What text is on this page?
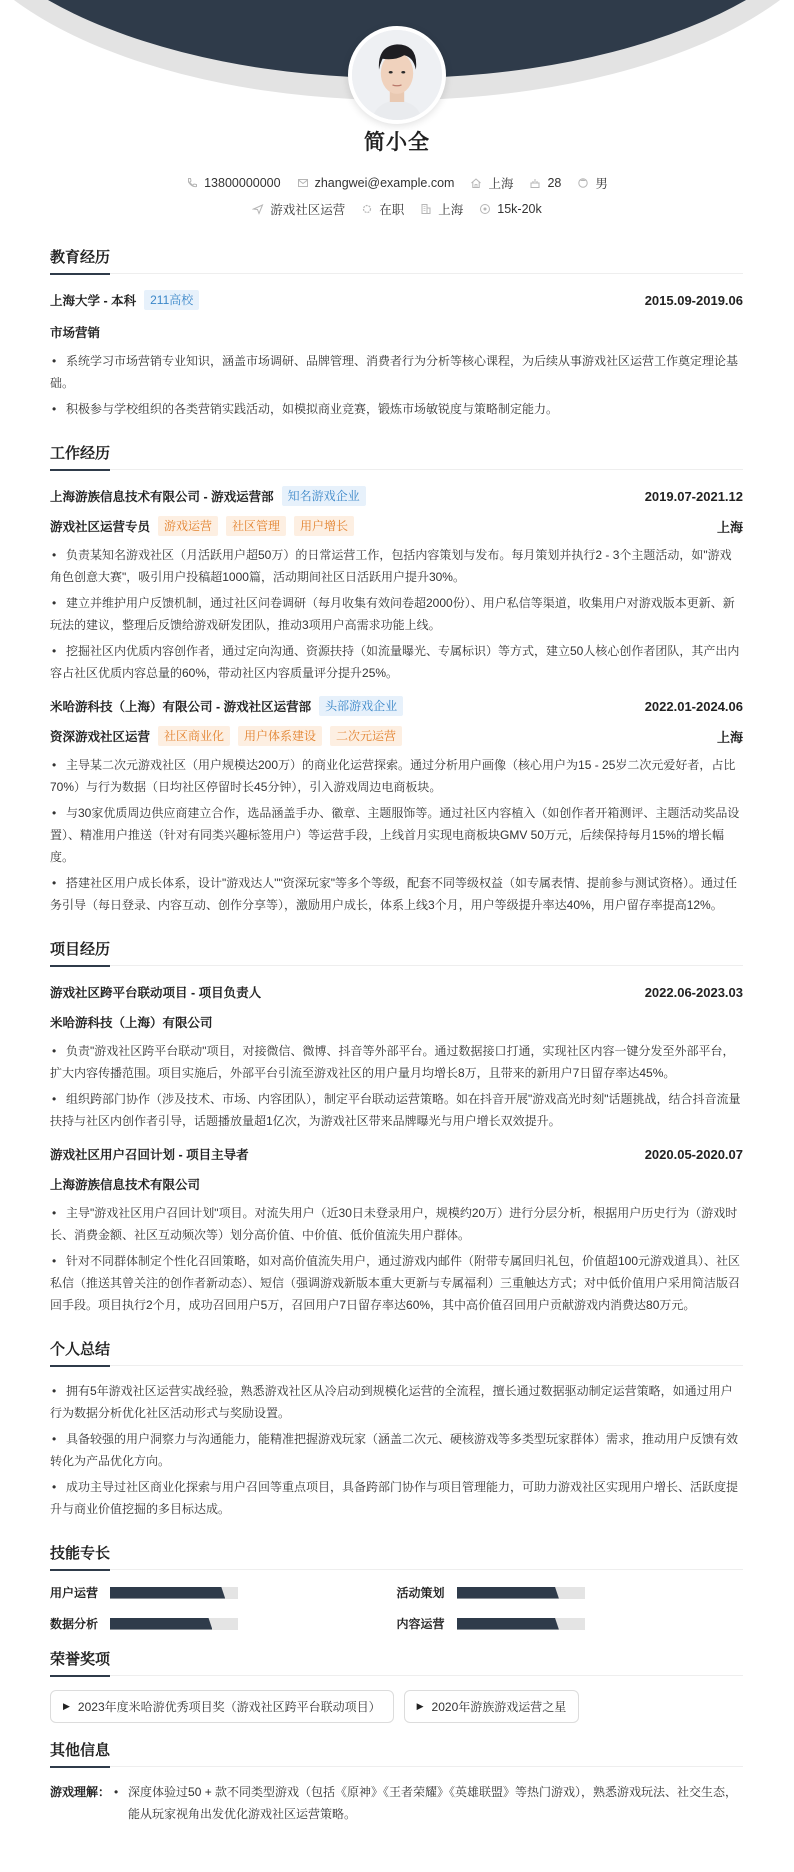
简小全
13800000000	zhangwei@example.com	上海	28	男
游戏社区运营	在职	上海	15k-20k
教育经历
上海大学 - 本科	211高校	2015.09-2019.06
市场营销
• 系统学习市场营销专业知识，涵盖市场调研、品牌管理、消费者行为分析等核心课程，为后续从事游戏社区运营工作奠定理论基础。
• 积极参与学校组织的各类营销实践活动，如模拟商业竞赛，锻炼市场敏锐度与策略制定能力。
工作经历
上海游族信息技术有限公司 - 游戏运营部	知名游戏企业	2019.07-2021.12
游戏社区运营专员	游戏运营	社区管理	用户增长	上海
• 负责某知名游戏社区（月活跃用户超50万）的日常运营工作，包括内容策划与发布。每月策划并执行2 - 3个主题活动，如"游戏角色创意大赛"，吸引用户投稿超1000篇，活动期间社区日活跃用户提升30%。
• 建立并维护用户反馈机制，通过社区问卷调研（每月收集有效问卷超2000份）、用户私信等渠道，收集用户对游戏版本更新、新玩法的建议，整理后反馈给游戏研发团队，推动3项用户高需求功能上线。
• 挖掘社区内优质内容创作者，通过定向沟通、资源扶持（如流量曝光、专属标识）等方式，建立50人核心创作者团队，其产出内容占社区优质内容总量的60%，带动社区内容质量评分提升25%。
米哈游科技（上海）有限公司 - 游戏社区运营部	头部游戏企业	2022.01-2024.06
资深游戏社区运营	社区商业化	用户体系建设	二次元运营	上海
• 主导某二次元游戏社区（用户规模达200万）的商业化运营探索。通过分析用户画像（核心用户为15 - 25岁二次元爱好者，占比70%）与行为数据（日均社区停留时长45分钟），引入游戏周边电商板块。
• 与30家优质周边供应商建立合作，选品涵盖手办、徽章、主题服饰等。通过社区内容植入（如创作者开箱测评、主题活动奖品设置）、精准用户推送（针对有同类兴趣标签用户）等运营手段，上线首月实现电商板块GMV 50万元，后续保持每月15%的增长幅度。
• 搭建社区用户成长体系，设计"游戏达人""资深玩家"等多个等级，配套不同等级权益（如专属表情、提前参与测试资格）。通过任务引导（每日登录、内容互动、创作分享等），激励用户成长，体系上线3个月，用户等级提升率达40%，用户留存率提高12%。
项目经历
游戏社区跨平台联动项目 - 项目负责人	2022.06-2023.03
米哈游科技（上海）有限公司
• 负责"游戏社区跨平台联动"项目，对接微信、微博、抖音等外部平台。通过数据接口打通，实现社区内容一键分发至外部平台，扩大内容传播范围。项目实施后，外部平台引流至游戏社区的用户量月均增长8万，且带来的新用户7日留存率达45%。
• 组织跨部门协作（涉及技术、市场、内容团队），制定平台联动运营策略。如在抖音开展"游戏高光时刻"话题挑战，结合抖音流量扶持与社区内创作者引导，话题播放量超1亿次，为游戏社区带来品牌曝光与用户增长双效提升。
游戏社区用户召回计划 - 项目主导者	2020.05-2020.07
上海游族信息技术有限公司
• 主导"游戏社区用户召回计划"项目。对流失用户（近30日未登录用户，规模约20万）进行分层分析，根据用户历史行为（游戏时长、消费金额、社区互动频次等）划分高价值、中价值、低价值流失用户群体。
• 针对不同群体制定个性化召回策略，如对高价值流失用户，通过游戏内邮件（附带专属回归礼包，价值超100元游戏道具）、社区私信（推送其曾关注的创作者新动态）、短信（强调游戏新版本重大更新与专属福利）三重触达方式；对中低价值用户采用简洁版召回手段。项目执行2个月，成功召回用户5万，召回用户7日留存率达60%，其中高价值召回用户贡献游戏内消费达80万元。
个人总结
• 拥有5年游戏社区运营实战经验，熟悉游戏社区从冷启动到规模化运营的全流程，擅长通过数据驱动制定运营策略，如通过用户行为数据分析优化社区活动形式与奖励设置。
• 具备较强的用户洞察力与沟通能力，能精准把握游戏玩家（涵盖二次元、硬核游戏等多类型玩家群体）需求，推动用户反馈有效转化为产品优化方向。
• 成功主导过社区商业化探索与用户召回等重点项目，具备跨部门协作与项目管理能力，可助力游戏社区实现用户增长、活跃度提升与商业价值挖掘的多目标达成。
技能专长
用户运营	活动策划
数据分析	内容运营
荣誉奖项
▶ 2023年度米哈游优秀项目奖（游戏社区跨平台联动项目）	▶ 2020年游族游戏运营之星
其他信息
游戏理解：	• 深度体验过50 + 款不同类型游戏（包括《原神》《王者荣耀》《英雄联盟》等热门游戏），熟悉游戏玩法、社交生态，能从玩家视角出发优化游戏社区运营策略。
